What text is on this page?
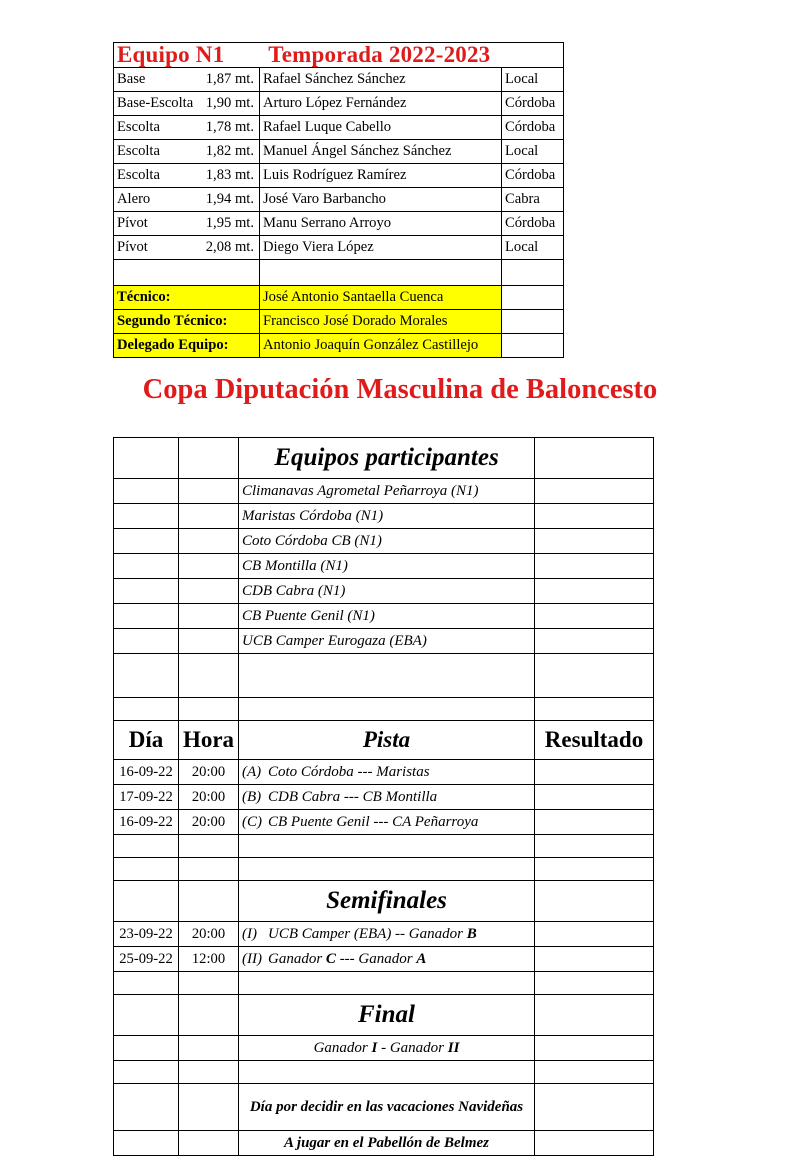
Equipo N1 Temporada 2022-2023		

Base 1,87 mt.	Rafael Sánchez Sánchez	Local

Base-Escolta 1,90 mt.	Arturo López Fernández	Córdoba

Escolta 1,78 mt.	Rafael Luque Cabello	Córdoba

Escolta 1,82 mt.	Manuel Ángel Sánchez Sánchez	Local

Escolta 1,83 mt.	Luis Rodríguez Ramírez	Córdoba

Alero 1,94 mt.	José Varo Barbancho	Cabra

Pívot 1,95 mt.	Manu Serrano Arroyo	Córdoba

Pívot 2,08 mt.	Diego Viera López	Local

Técnico:	José Antonio Santaella Cuenca	
Segundo Técnico:	Francisco José Dorado Morales	
Delegado Equipo:	Antonio Joaquín González Castillejo	
Copa Diputación Masculina de Baloncesto

		Equipos participantes	

		Climanavas Agrometal Peñarroya (N1)	

		Maristas Córdoba (N1)	

		Coto Córdoba CB (N1)	

		CB Montilla (N1)	

		CDB Cabra (N1)	

		CB Puente Genil (N1)	

		UCB Camper Eurogaza (EBA)	

Día	Hora	Pista	Resultado

16-09-22	20:00	(A) Coto Córdoba --- Maristas	

17-09-22	20:00	(B) CDB Cabra --- CB Montilla	

16-09-22	20:00	(C) CB Puente Genil --- CA Peñarroya	

		Semifinales	

23-09-22	20:00	(I) UCB Camper (EBA) -- Ganador B	

25-09-22	12:00	(II) Ganador C --- Ganador A	

		Final	

		Ganador I - Ganador II	

		Día por decidir en las vacaciones Navideñas	

		A jugar en el Pabellón de Belmez	
